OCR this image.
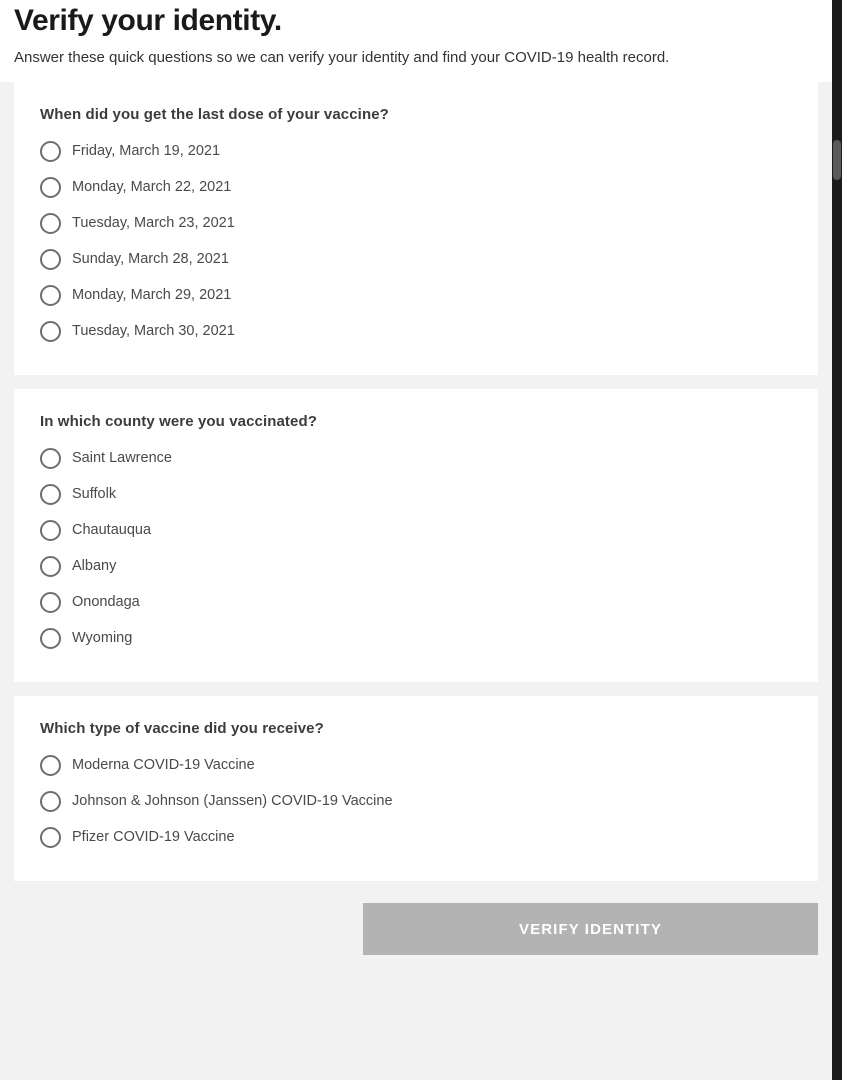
Verify your identity.

Answer these quick questions so we can verify your identity and find your COVID-19 health record.

When did you get the last dose of your vaccine?

Friday, March 19, 2021
Monday, March 22, 2021
Tuesday, March 23, 2021
Sunday, March 28, 2021
Monday, March 29, 2021
Tuesday, March 30, 2021

In which county were you vaccinated?

Saint Lawrence
Suffolk
Chautauqua
Albany
Onondaga
Wyoming

Which type of vaccine did you receive?

Moderna COVID-19 Vaccine
Johnson & Johnson (Janssen) COVID-19 Vaccine
Pfizer COVID-19 Vaccine
VERIFY IDENTITY
